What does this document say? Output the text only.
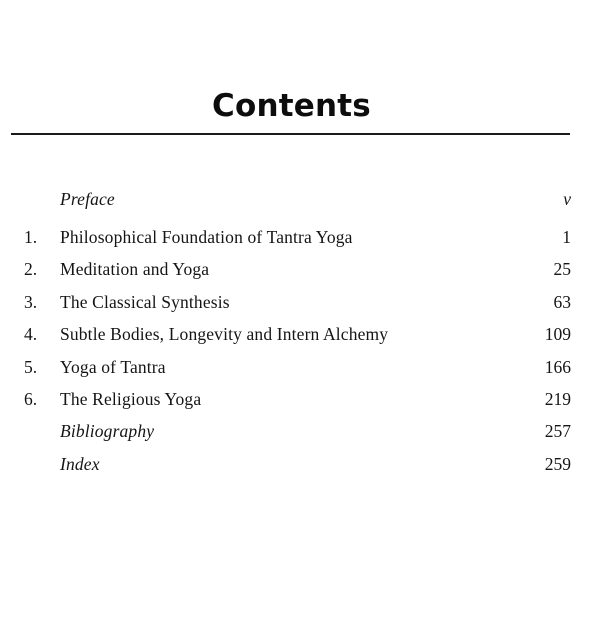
Contents
Preface	v
1. Philosophical Foundation of Tantra Yoga	1
2. Meditation and Yoga	25
3. The Classical Synthesis	63
4. Subtle Bodies, Longevity and Intern Alchemy	109
5. Yoga of Tantra	166
6. The Religious Yoga	219
Bibliography	257
Index	259
